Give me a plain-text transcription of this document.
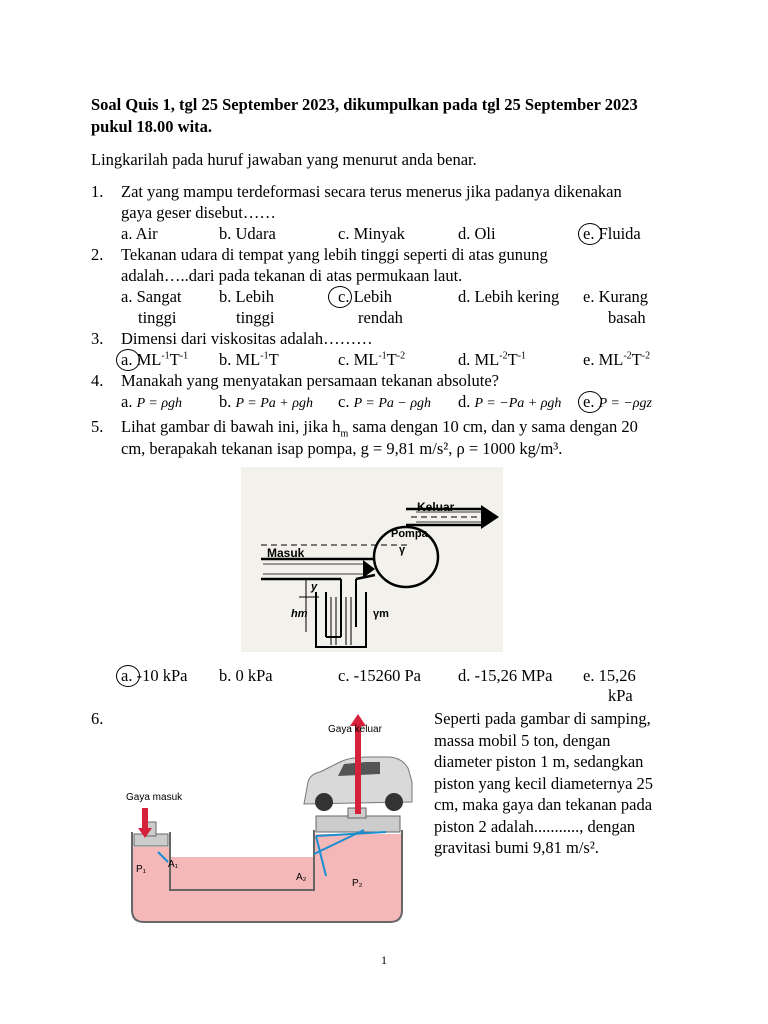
Soal Quis 1, tgl 25 September 2023, dikumpulkan pada tgl 25 September 2023
pukul 18.00 wita.
Lingkarilah pada huruf jawaban yang menurut anda benar.
1. Zat yang mampu terdeformasi secara terus menerus jika padanya dikenakan
gaya geser disebut……
a. Air	b. Udara	c. Minyak	d. Oli	e. Fluida
2. Tekanan udara di tempat yang lebih tinggi seperti di atas gunung
adalah…..dari pada tekanan di atas permukaan laut.
a. Sangat
tinggi
b. Lebih
tinggi
c. Lebih
rendah
d. Lebih kering e. Kurang
basah
3. Dimensi dari viskositas adalah………
a. $ML^{-1}T^{-1}$ b. $ML^{-1}T$	c. $ML^{-1}T^{-2}$	d. $ML^{-2}T^{-1}$	e. $ML^{-2}T^{-2}$
4. Manakah yang menyatakan persamaan tekanan absolute?
a. P = ρgh b. P = Pa + ρgh c. P = Pa − ρgh d. P = −Pa + ρgh e. P = −ρgz
5. Lihat gambar di bawah ini, jika $h_m$ sama dengan 10 cm, dan y sama dengan 20
cm, berapakah tekanan isap pompa, g = 9,81 m/s², ρ = 1000 kg/m³.
Pompa
γ
Keluar
Masuk
y
hm	γm
a. -10 kPa b. 0 kPa	c. -15260 Pa d. -15,26 MPa e. 15,26
kPa
6.	Seperti pada gambar di samping,
massa mobil 5 ton, dengan
diameter piston 1 m, sedangkan
piston yang kecil diameternya 25
cm, maka gaya dan tekanan pada
piston 2 adalah..........., dengan
gravitasi bumi 9,81 m/s².
Gaya keluar
Gaya masuk
P₁ A₁
A₂
P₂
1
